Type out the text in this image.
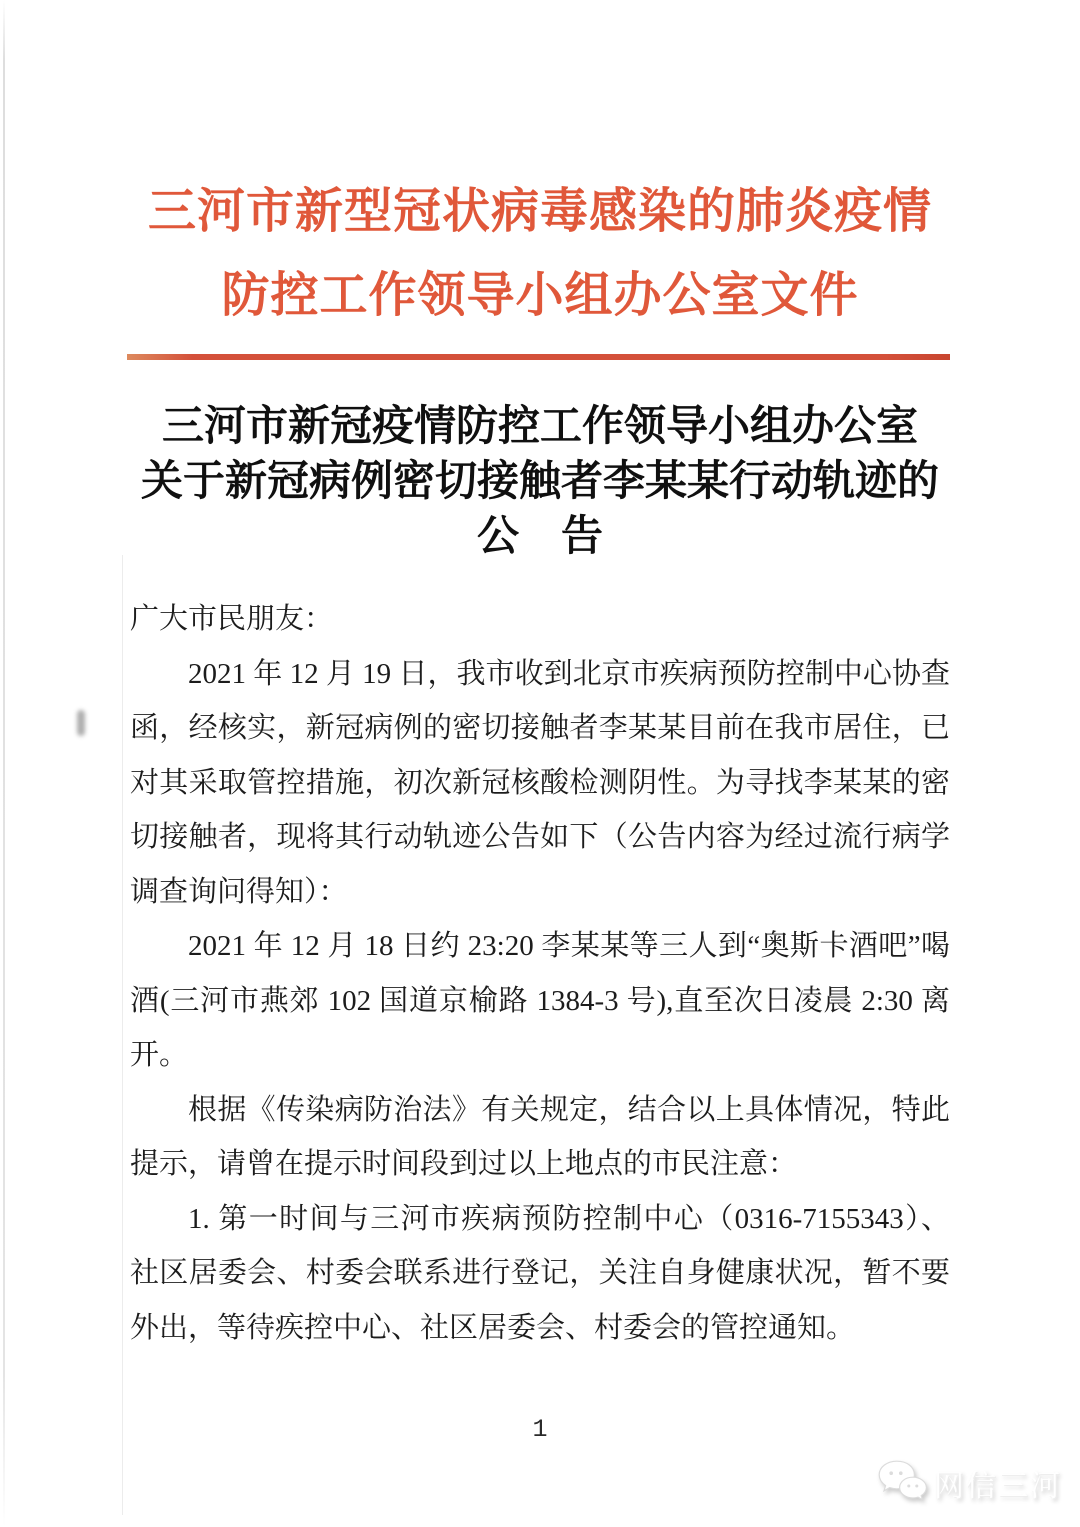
三河市新型冠状病毒感染的肺炎疫情
防控工作领导小组办公室文件
三河市新冠疫情防控工作领导小组办公室
关于新冠病例密切接触者李某某行动轨迹的
公　告

广大市民朋友：

2021 年 12 月 19 日，我市收到北京市疾病预防控制中心协查函，经核实，新冠病例的密切接触者李某某目前在我市居住，已对其采取管控措施，初次新冠核酸检测阴性。为寻找李某某的密切接触者，现将其行动轨迹公告如下（公告内容为经过流行病学调查询问得知）：

2021 年 12 月 18 日约 23:20 李某某等三人到“奥斯卡酒吧”喝酒(三河市燕郊 102 国道京榆路 1384-3 号),直至次日凌晨 2:30 离开。

根据《传染病防治法》有关规定，结合以上具体情况，特此提示，请曾在提示时间段到过以上地点的市民注意：

1. 第一时间与三河市疾病预防控制中心（0316-7155343）、社区居委会、村委会联系进行登记，关注自身健康状况，暂不要外出，等待疾控中心、社区居委会、村委会的管控通知。

1
网信三河
